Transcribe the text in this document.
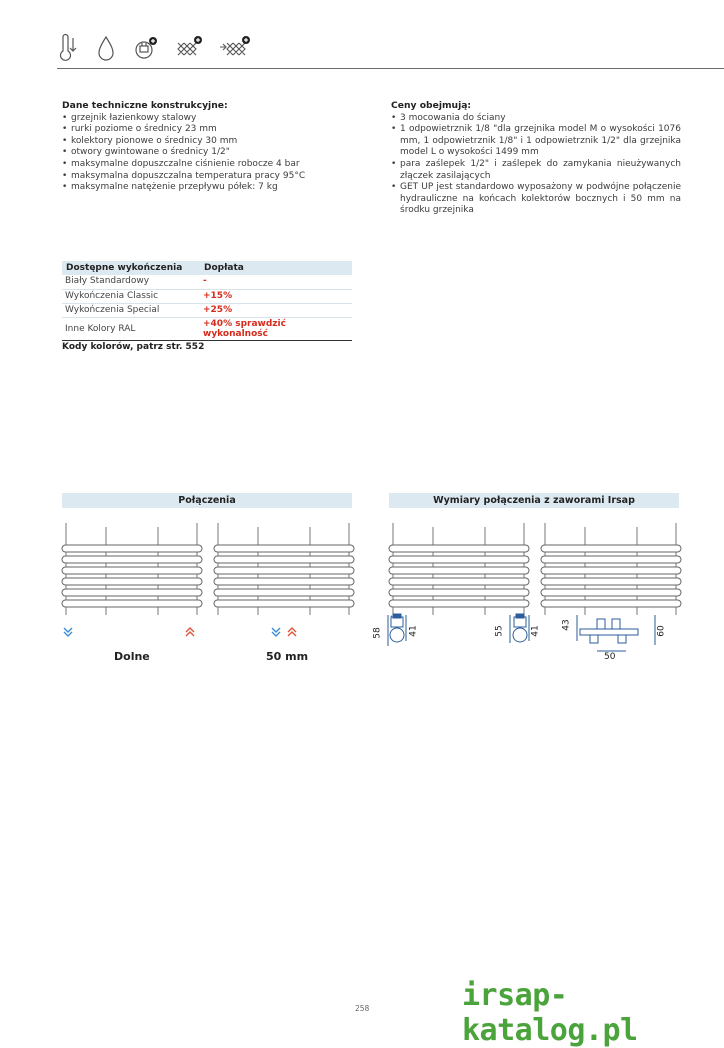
Dane techniczne konstrukcyjne:
• grzejnik łazienkowy stalowy
• rurki poziome o średnicy 23 mm
• kolektory pionowe o średnicy 30 mm
• otwory gwintowane o średnicy 1/2"
• maksymalne dopuszczalne ciśnienie robocze 4 bar
• maksymalna dopuszczalna temperatura pracy 95°C
• maksymalne natężenie przepływu półek: 7 kg
Ceny obejmują:
• 3 mocowania do ściany
• 1 odpowietrznik 1/8 "dla grzejnika model M o wysokości 1076 mm, 1 odpowietrznik 1/8" i 1 odpowietrznik 1/2" dla grzejnika model L o wysokości 1499 mm
• para zaślepek 1/2" i zaślepek do zamykania nieużywanych złączek zasilających
• GET UP jest standardowo wyposażony w podwójne połączenie hydrauliczne na końcach kolektorów bocznych i 50 mm na środku grzejnika
Dostępne wykończenia	Dopłata
Biały Standardowy	-
Wykończenia Classic	+15%
Wykończenia Special	+25%
Inne Kolory RAL	+40% sprawdzić
wykonalność
Kody kolorów, patrz str. 552
Połączenia	Wymiary połączenia z zaworami Irsap
58	41	55	41
43
60
50
Dolne	50 mm
258	irsap-katalog.pl
